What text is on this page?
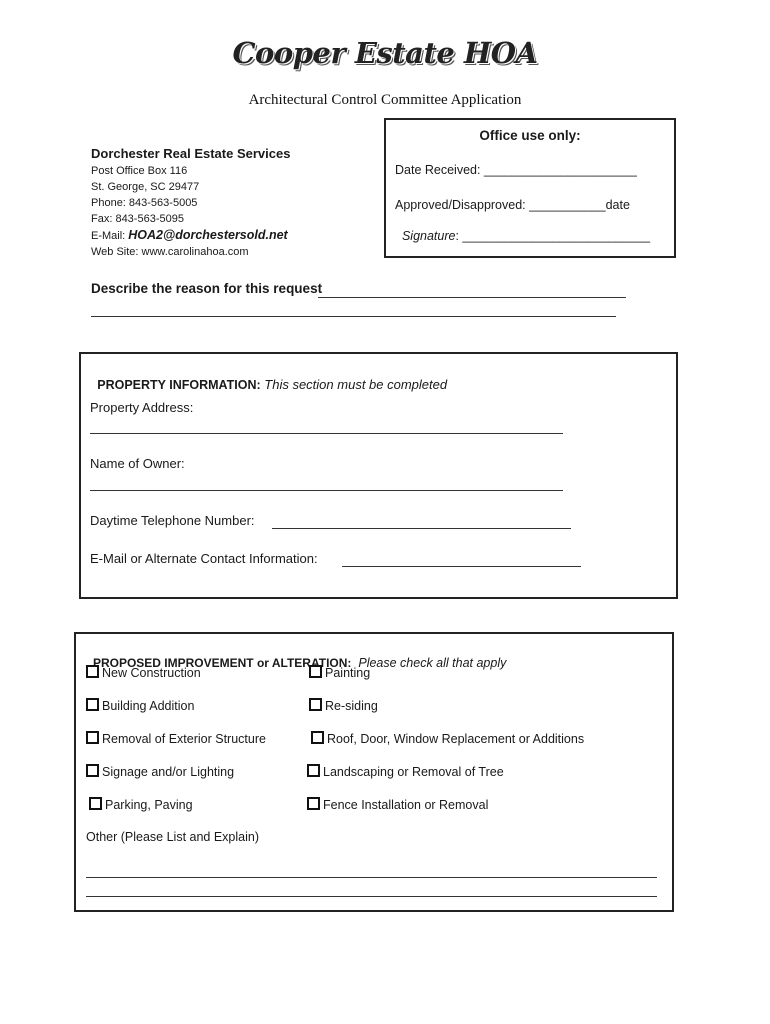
Cooper Estate HOA
Architectural Control Committee Application
Dorchester Real Estate Services
Post Office Box 116
St. George, SC 29477
Phone: 843-563-5005
Fax: 843-563-5095
E-Mail: HOA2@dorchestersold.net
Web Site: www.carolinahoa.com
Office use only:
Date Received: ______________________
Approved/Disapproved: ___________date

Signature: ___________________________

Describe the reason for this request

PROPERTY INFORMATION: This section must be completed

Property Address:
Name of Owner:
Daytime Telephone Number:
E-Mail or Alternate Contact Information:

PROPOSED IMPROVEMENT or ALTERATION:  Please check all that apply

New Construction
Building Addition
Removal of Exterior Structure
Signage and/or Lighting
Parking, Paving
Painting
Re-siding
Roof, Door, Window Replacement or Additions
Landscaping or Removal of Tree
Fence Installation or Removal
Other (Please List and Explain)
